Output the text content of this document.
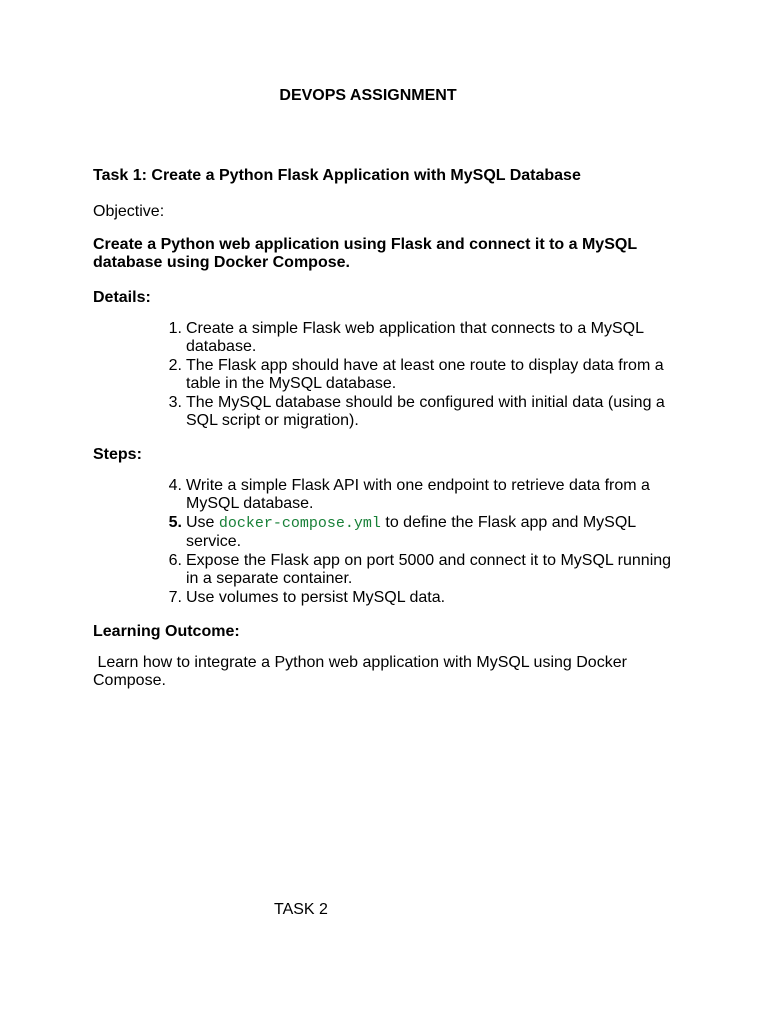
DEVOPS ASSIGNMENT
Task 1: Create a Python Flask Application with MySQL Database
Objective:
Create a Python web application using Flask and connect it to a MySQL database using Docker Compose.
Details:
1. Create a simple Flask web application that connects to a MySQL database.
2. The Flask app should have at least one route to display data from a table in the MySQL database.
3. The MySQL database should be configured with initial data (using a SQL script or migration).
Steps:
4. Write a simple Flask API with one endpoint to retrieve data from a MySQL database.
5. Use docker-compose.yml to define the Flask app and MySQL service.
6. Expose the Flask app on port 5000 and connect it to MySQL running in a separate container.
7. Use volumes to persist MySQL data.
Learning Outcome:
Learn how to integrate a Python web application with MySQL using Docker Compose.
TASK 2
